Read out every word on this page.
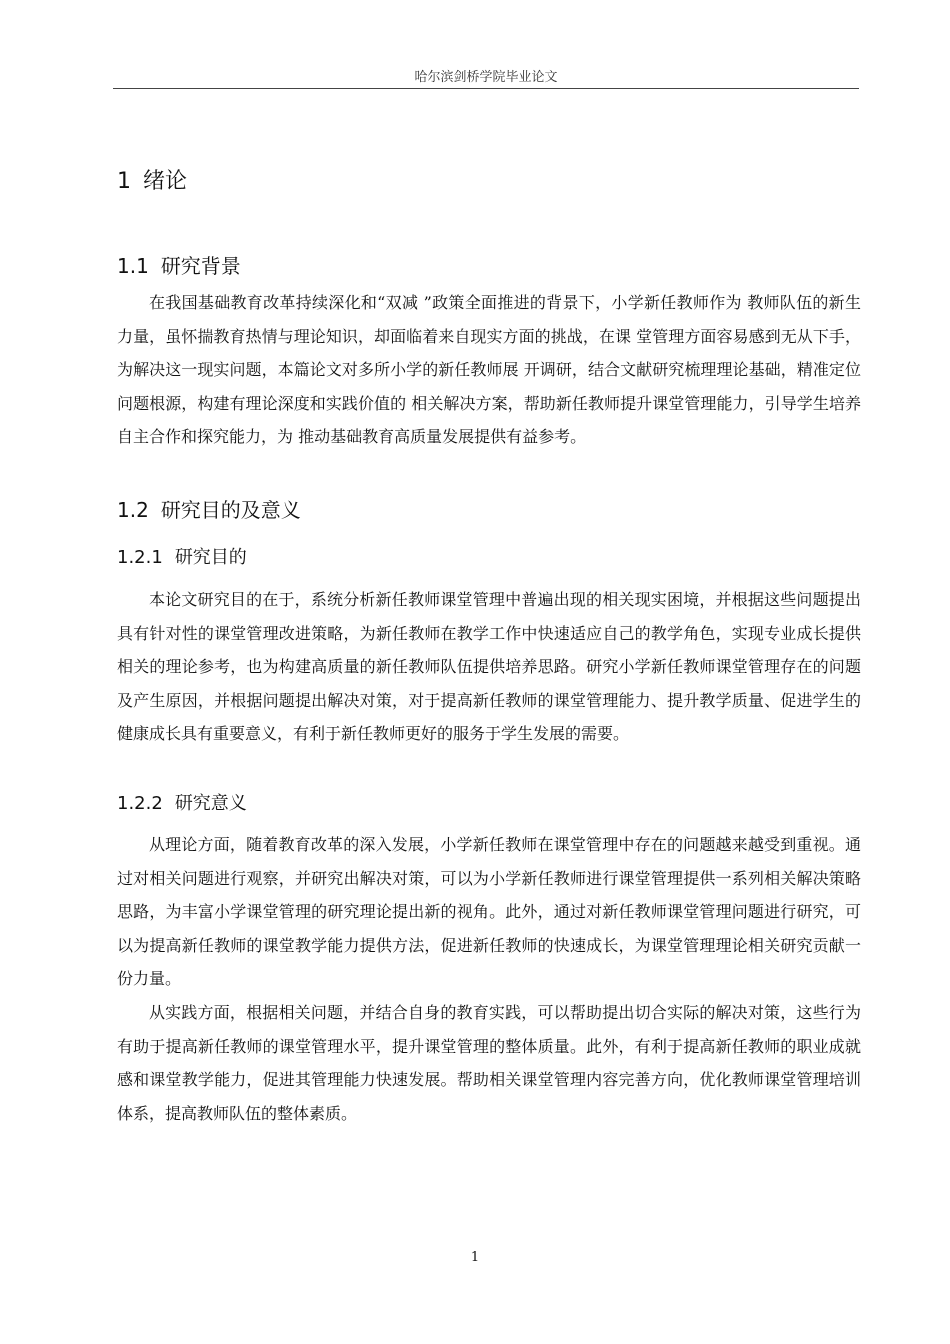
哈尔滨剑桥学院毕业论文
1 绪论
1.1 研究背景

在我国基础教育改革持续深化和“双减 ”政策全面推进的背景下，小学新任教师作为 教师队伍的新生力量，虽怀揣教育热情与理论知识，却面临着来自现实方面的挑战，在课 堂管理方面容易感到无从下手，为解决这一现实问题，本篇论文对多所小学的新任教师展 开调研，结合文献研究梳理理论基础，精准定位问题根源，构建有理论深度和实践价值的 相关解决方案，帮助新任教师提升课堂管理能力，引导学生培养自主合作和探究能力，为 推动基础教育高质量发展提供有益参考。

1.2 研究目的及意义
1.2.1 研究目的

本论文研究目的在于，系统分析新任教师课堂管理中普遍出现的相关现实困境，并根据这些问题提出具有针对性的课堂管理改进策略，为新任教师在教学工作中快速适应自己的教学角色，实现专业成长提供相关的理论参考，也为构建高质量的新任教师队伍提供培养思路。研究小学新任教师课堂管理存在的问题及产生原因，并根据问题提出解决对策，对于提高新任教师的课堂管理能力、提升教学质量、促进学生的健康成长具有重要意义，有利于新任教师更好的服务于学生发展的需要。

1.2.2 研究意义

从理论方面，随着教育改革的深入发展，小学新任教师在课堂管理中存在的问题越来越受到重视。通过对相关问题进行观察，并研究出解决对策，可以为小学新任教师进行课堂管理提供一系列相关解决策略思路，为丰富小学课堂管理的研究理论提出新的视角。此外，通过对新任教师课堂管理问题进行研究，可以为提高新任教师的课堂教学能力提供方法，促进新任教师的快速成长，为课堂管理理论相关研究贡献一份力量。

从实践方面，根据相关问题，并结合自身的教育实践，可以帮助提出切合实际的解决对策，这些行为有助于提高新任教师的课堂管理水平，提升课堂管理的整体质量。此外，有利于提高新任教师的职业成就感和课堂教学能力，促进其管理能力快速发展。帮助相关课堂管理内容完善方向，优化教师课堂管理培训体系，提高教师队伍的整体素质。

1
